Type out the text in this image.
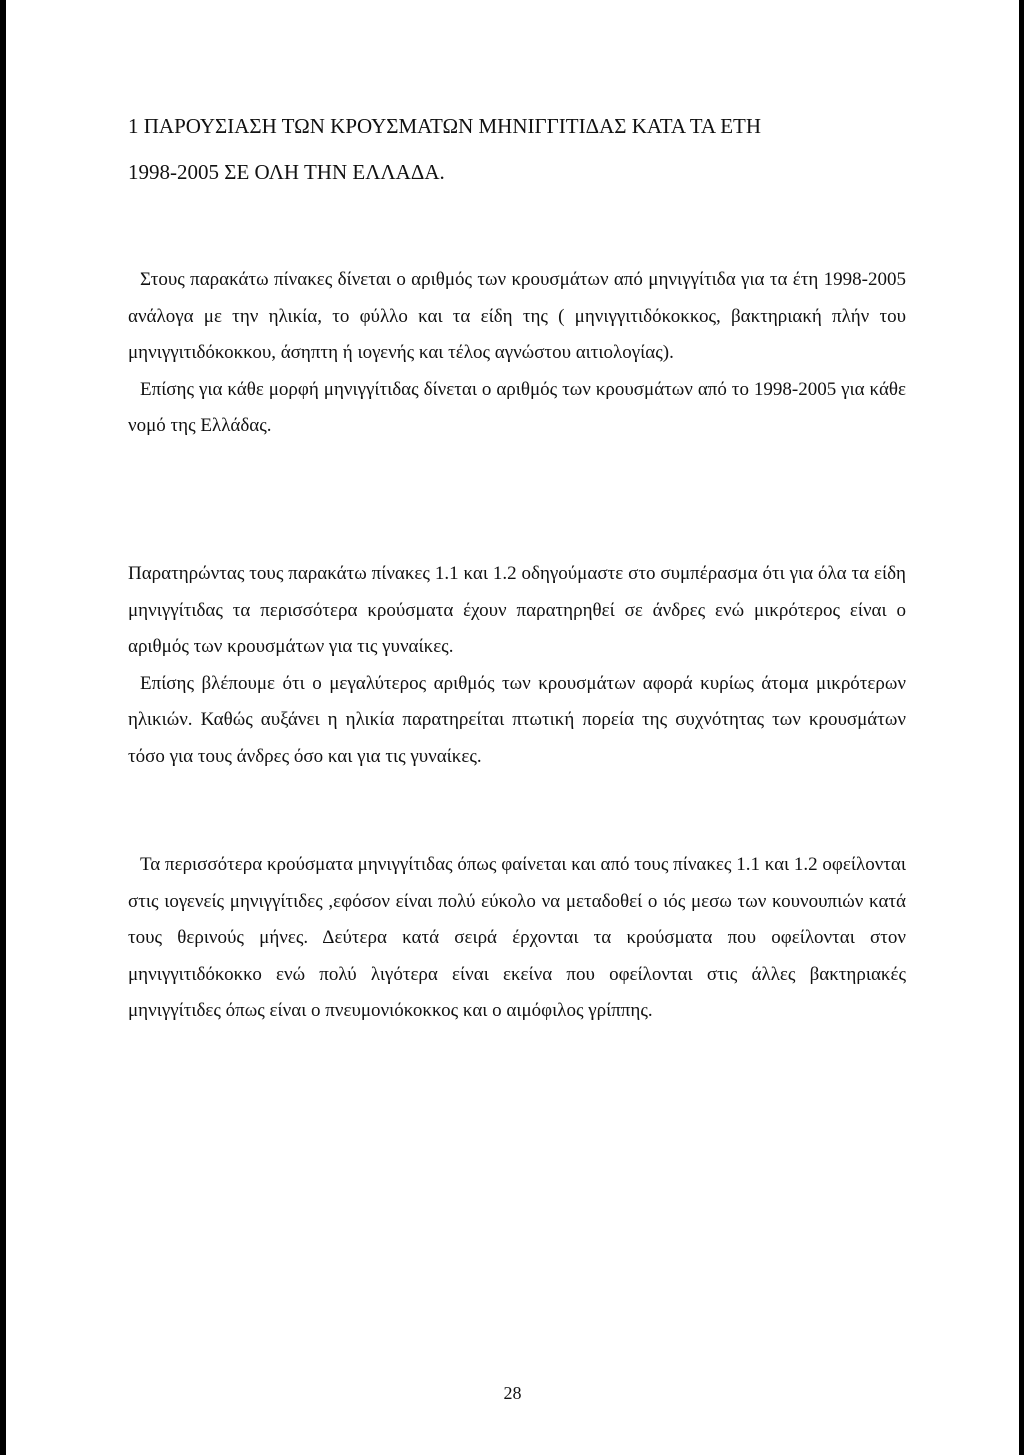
1 ΠΑΡΟΥΣΙΑΣΗ ΤΩΝ ΚΡΟΥΣΜΑΤΩΝ ΜΗΝΙΓΓΙΤΙΔΑΣ ΚΑΤΑ ΤΑ ΕΤΗ
1998-2005 ΣΕ ΟΛΗ ΤΗΝ ΕΛΛΑΔΑ.

Στους παρακάτω πίνακες δίνεται ο αριθμός των κρουσμάτων από μηνιγγίτιδα για τα έτη 1998-2005 ανάλογα με την ηλικία, το φύλλο και τα είδη της ( μηνιγγιτιδόκοκκος, βακτηριακή πλήν του μηνιγγιτιδόκοκκου, άσηπτη ή ιογενής και τέλος αγνώστου αιτιολογίας).

Επίσης για κάθε μορφή μηνιγγίτιδας δίνεται ο αριθμός των κρουσμάτων από το 1998-2005 για κάθε νομό της Ελλάδας.

Παρατηρώντας τους παρακάτω πίνακες 1.1 και 1.2 οδηγούμαστε στο συμπέρασμα ότι για όλα τα είδη μηνιγγίτιδας τα περισσότερα κρούσματα έχουν παρατηρηθεί σε άνδρες ενώ μικρότερος είναι ο αριθμός των κρουσμάτων για τις γυναίκες.

Επίσης βλέπουμε ότι ο μεγαλύτερος αριθμός των κρουσμάτων αφορά κυρίως άτομα μικρότερων ηλικιών. Καθώς αυξάνει η ηλικία παρατηρείται πτωτική πορεία της συχνότητας των κρουσμάτων τόσο για τους άνδρες όσο και για τις γυναίκες.

Τα περισσότερα κρούσματα μηνιγγίτιδας όπως φαίνεται και από τους πίνακες 1.1 και 1.2 οφείλονται στις ιογενείς μηνιγγίτιδες ,εφόσον είναι πολύ εύκολο να μεταδοθεί ο ιός μεσω των κουνουπιών κατά τους θερινούς μήνες. Δεύτερα κατά σειρά έρχονται τα κρούσματα που οφείλονται στον μηνιγγιτιδόκοκκο ενώ πολύ λιγότερα είναι εκείνα που οφείλονται στις άλλες βακτηριακές μηνιγγίτιδες όπως είναι ο πνευμονιόκοκκος και ο αιμόφιλος γρίππης.

28
